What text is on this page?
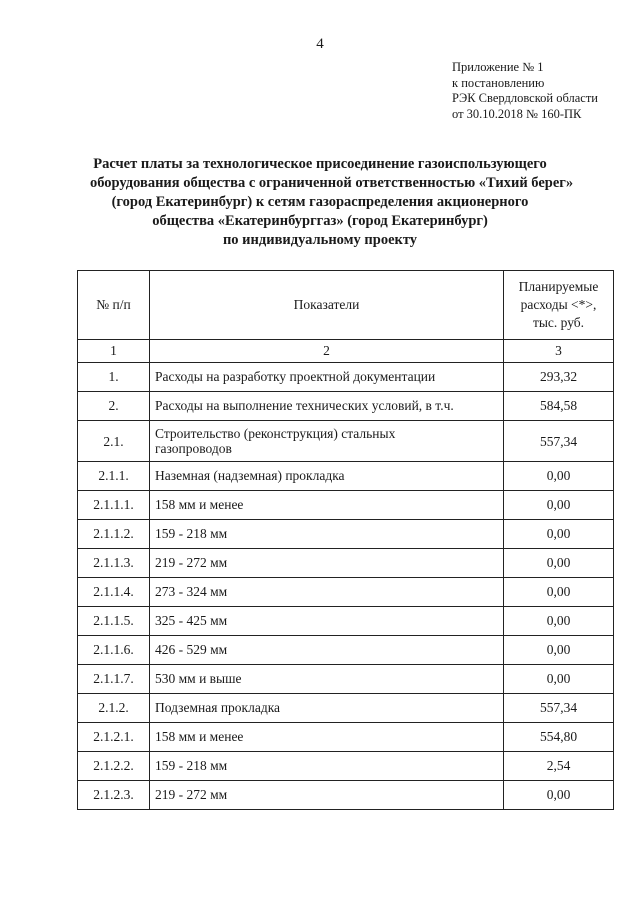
4
Приложение № 1
к постановлению
РЭК Свердловской области
от 30.10.2018 № 160-ПК
Расчет платы за технологическое присоединение газоиспользующего
оборудования общества с ограниченной ответственностью «Тихий берег»
(город Екатеринбург) к сетям газораспределения акционерного
общества «Екатеринбурггаз» (город Екатеринбург)
по индивидуальному проекту
№ п/п	Показатели	Планируемые
расходы <*>,
тыс. руб.

1	2	3
1.	Расходы на разработку проектной документации	293,32
2.	Расходы на выполнение технических условий, в т.ч.	584,58
2.1.	Строительство (реконструкция) стальных
газопроводов	557,34
2.1.1.	Наземная (надземная) прокладка	0,00
2.1.1.1.	158 мм и менее	0,00
2.1.1.2.	159 - 218 мм	0,00
2.1.1.3.	219 - 272 мм	0,00
2.1.1.4.	273 - 324 мм	0,00
2.1.1.5.	325 - 425 мм	0,00
2.1.1.6.	426 - 529 мм	0,00
2.1.1.7.	530 мм и выше	0,00
2.1.2.	Подземная прокладка	557,34
2.1.2.1.	158 мм и менее	554,80
2.1.2.2.	159 - 218 мм	2,54
2.1.2.3.	219 - 272 мм	0,00
